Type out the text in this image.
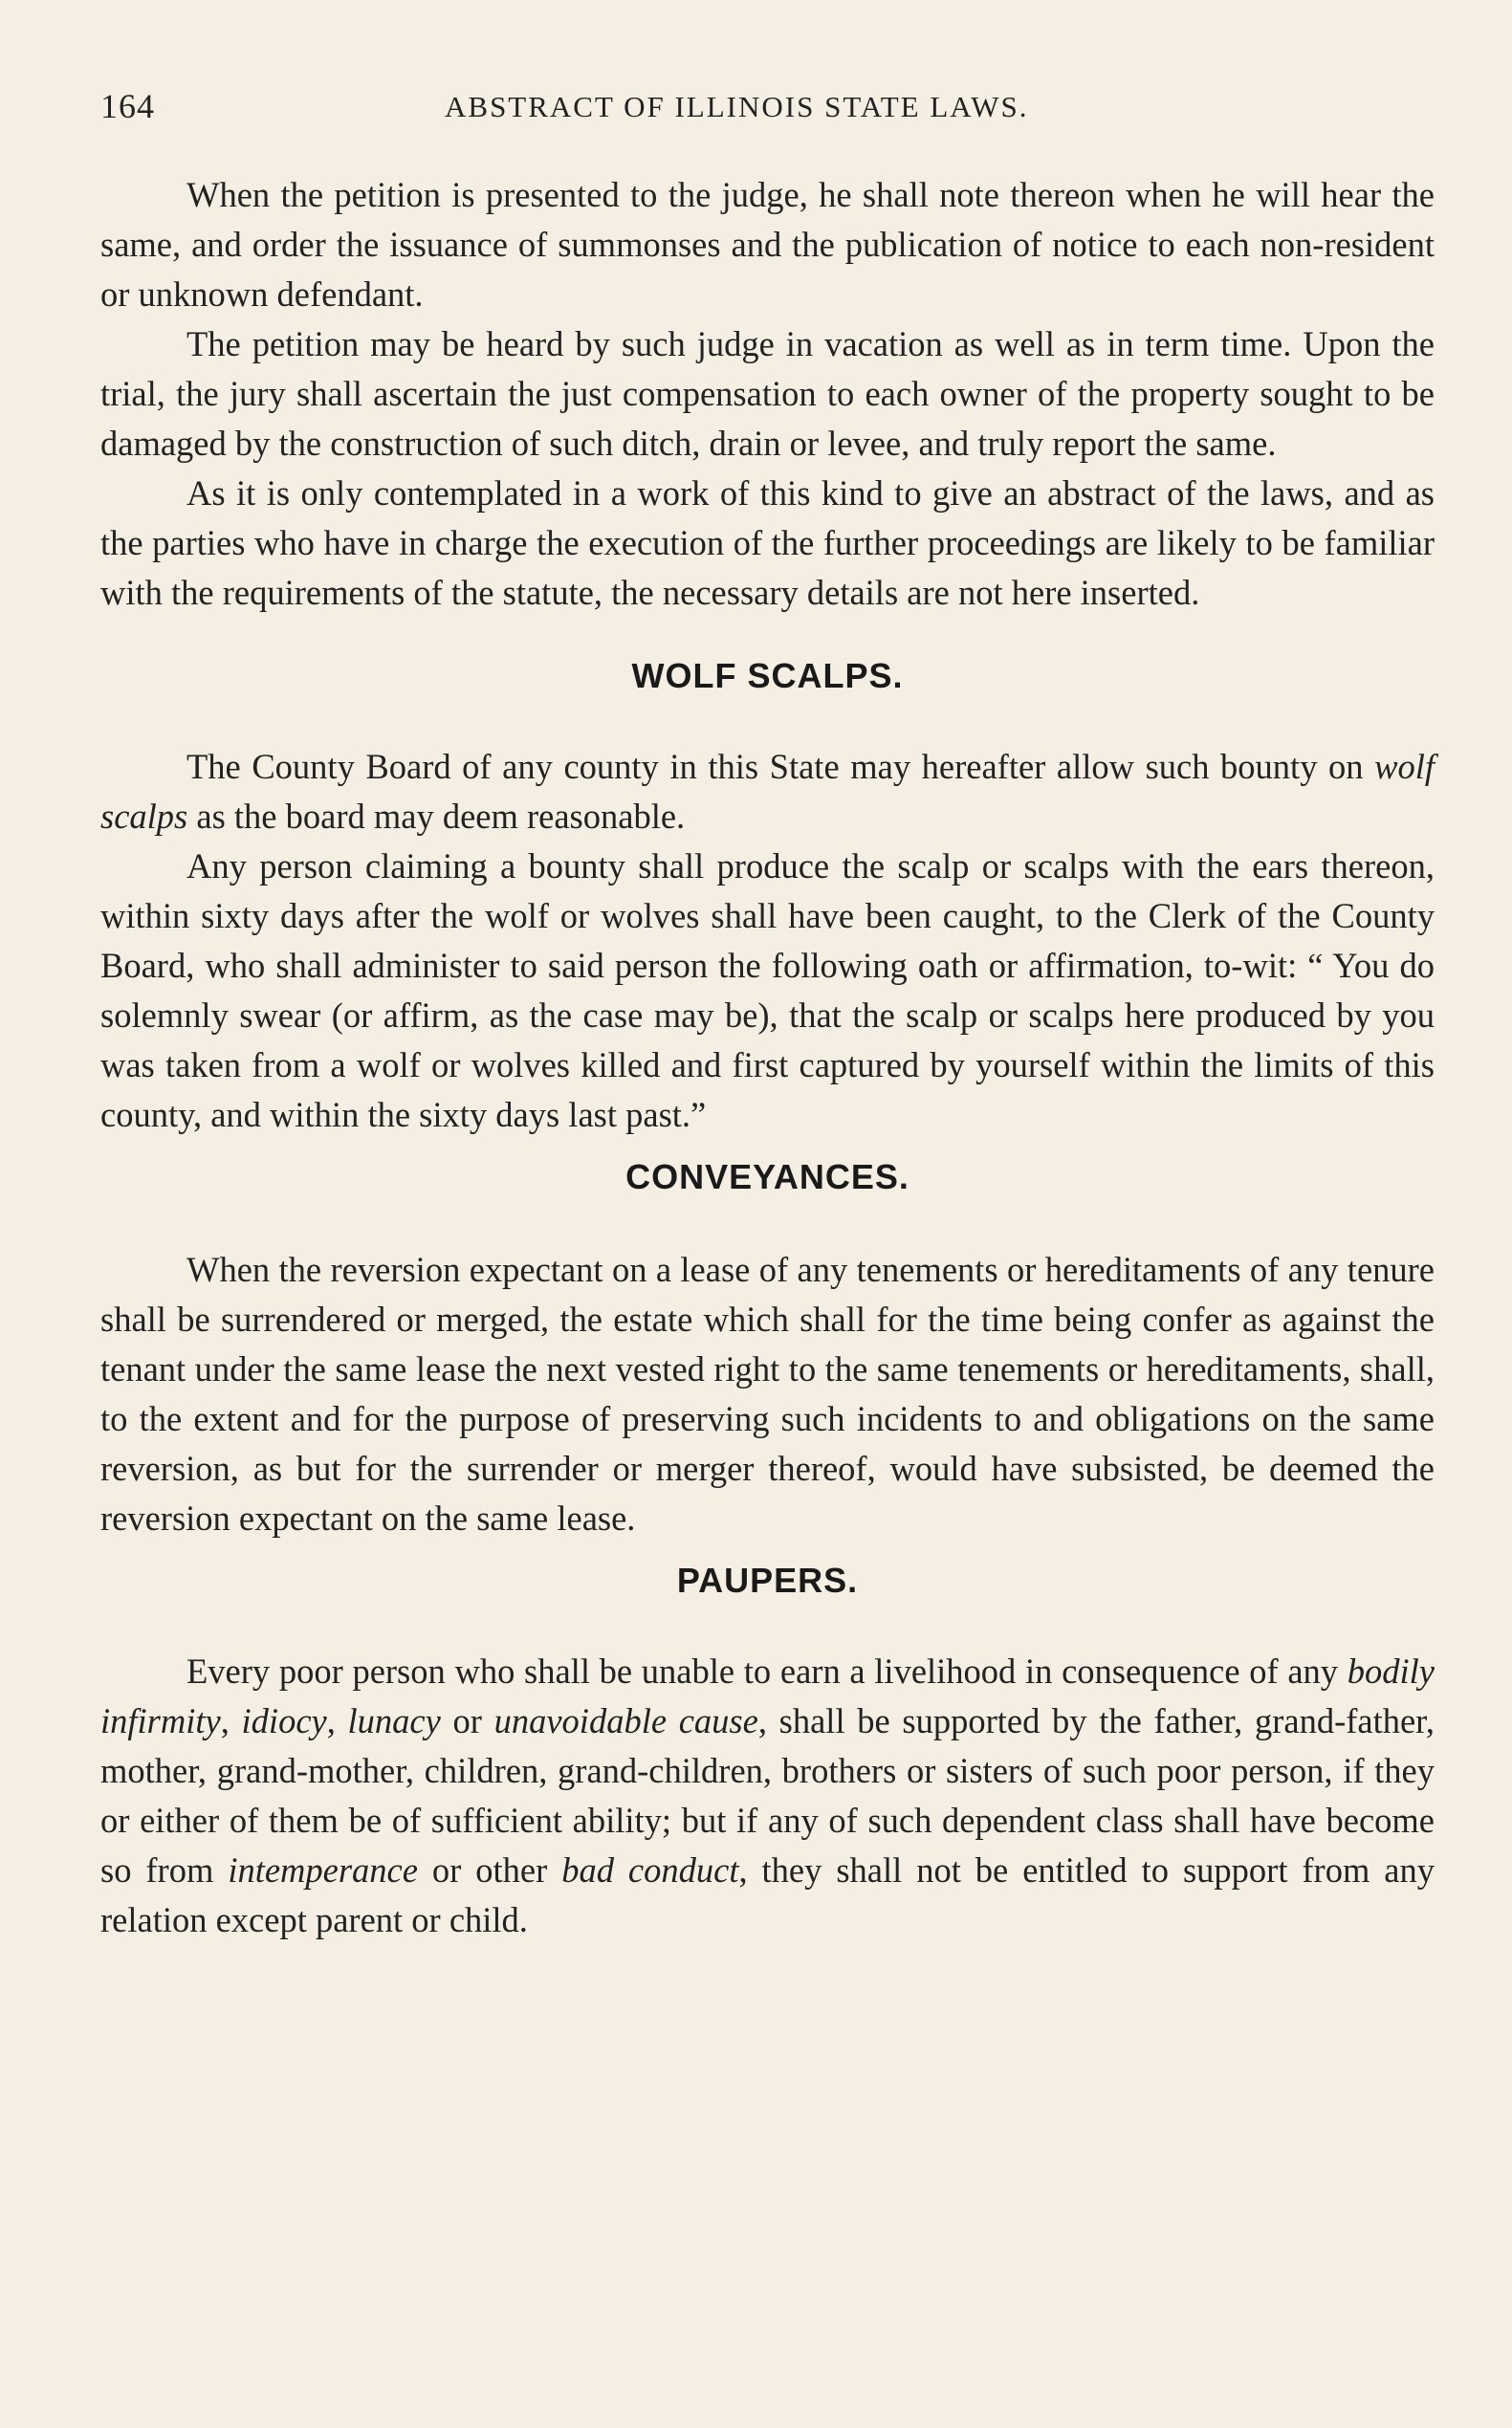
164	ABSTRACT OF ILLINOIS STATE LAWS.

When the petition is presented to the judge, he shall note thereon when he will hear the same, and order the issuance of summonses and the publication of notice to each non-resident or unknown defendant.

The petition may be heard by such judge in vacation as well as in term time. Upon the trial, the jury shall ascertain the just compensation to each owner of the property sought to be damaged by the construction of such ditch, drain or levee, and truly report the same.

As it is only contemplated in a work of this kind to give an abstract of the laws, and as the parties who have in charge the execution of the further proceedings are likely to be familiar with the requirements of the statute, the necessary details are not here inserted.

WOLF SCALPS.

The County Board of any county in this State may hereafter allow such bounty on wolf scalps as the board may deem reasonable.

Any person claiming a bounty shall produce the scalp or scalps with the ears thereon, within sixty days after the wolf or wolves shall have been caught, to the Clerk of the County Board, who shall administer to said person the following oath or affirmation, to-wit: “ You do solemnly swear (or affirm, as the case may be), that the scalp or scalps here produced by you was taken from a wolf or wolves killed and first captured by yourself within the limits of this county, and within the sixty days last past.”

CONVEYANCES.

When the reversion expectant on a lease of any tenements or hereditaments of any tenure shall be surrendered or merged, the estate which shall for the time being confer as against the tenant under the same lease the next vested right to the same tenements or hereditaments, shall, to the extent and for the purpose of preserving such incidents to and obligations on the same reversion, as but for the surrender or merger thereof, would have subsisted, be deemed the reversion expectant on the same lease.

PAUPERS.

Every poor person who shall be unable to earn a livelihood in consequence of any bodily infirmity, idiocy, lunacy or unavoidable cause, shall be supported by the father, grand-father, mother, grand-mother, children, grand-children, brothers or sisters of such poor person, if they or either of them be of sufficient ability; but if any of such dependent class shall have become so from intemperance or other bad conduct, they shall not be entitled to support from any relation except parent or child.
